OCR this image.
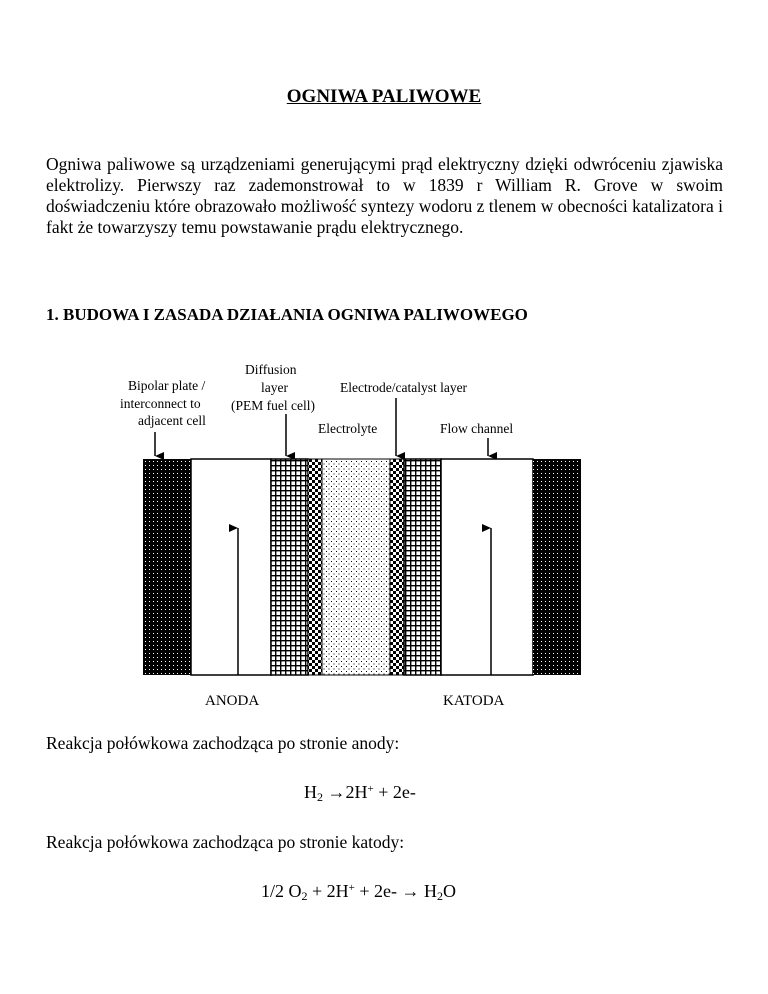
OGNIWA PALIWOWE
Ogniwa paliwowe są urządzeniami generującymi prąd elektryczny dzięki odwróceniu zjawiska elektrolizy. Pierwszy raz zademonstrował to w 1839 r William R. Grove w swoim doświadczeniu które obrazowało możliwość syntezy wodoru z tlenem w obecności katalizatora i fakt że towarzyszy temu powstawanie prądu elektrycznego.
1. BUDOWA I ZASADA DZIAŁANIA OGNIWA PALIWOWEGO
Bipolar plate /
interconnect to
adjacent cell
Diffusion
layer
(PEM fuel cell)
Electrode/catalyst layer
Electrolyte	Flow channel
ANODA	KATODA
Reakcja połówkowa zachodząca po stronie anody:
$H_2 \to 2H^+ + 2e-$
Reakcja połówkowa zachodząca po stronie katody:
1/2 $O_2 + 2H^+ + 2e- \to H_2O$
